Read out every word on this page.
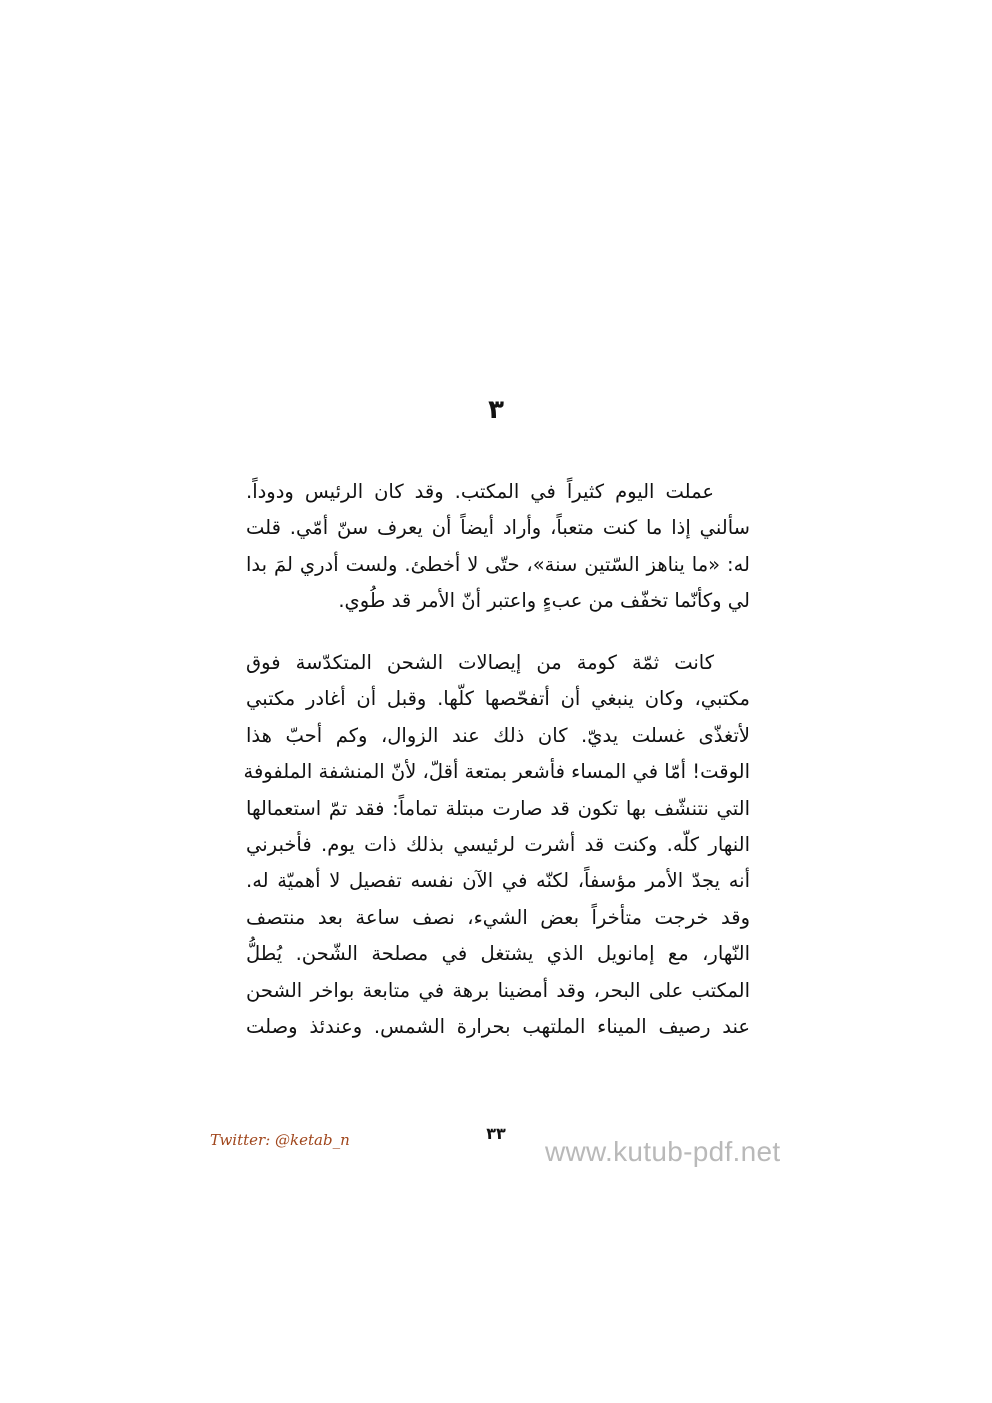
٣
عملت اليوم كثيراً في المكتب. وقد كان الرئيس ودوداً.
سألني إذا ما كنت متعباً، وأراد أيضاً أن يعرف سنّ أمّي. قلت
له: «ما يناهز السّتين سنة»، حتّى لا أخطئ. ولست أدري لمَ بدا
لي وكأنّما تخفّف من عبءٍ واعتبر أنّ الأمر قد طُوي.
كانت ثمّة كومة من إيصالات الشحن المتكدّسة فوق
مكتبي، وكان ينبغي أن أتفحّصها كلّها. وقبل أن أغادر مكتبي
لأتغذّى غسلت يديّ. كان ذلك عند الزوال، وكم أحبّ هذا
الوقت! أمّا في المساء فأشعر بمتعة أقلّ، لأنّ المنشفة الملفوفة
التي نتنشّف بها تكون قد صارت مبتلة تماماً: فقد تمّ استعمالها
النهار كلّه. وكنت قد أشرت لرئيسي بذلك ذات يوم. فأخبرني
أنه يجدّ الأمر مؤسفاً، لكنّه في الآن نفسه تفصيل لا أهميّة له.
وقد خرجت متأخراً بعض الشيء، نصف ساعة بعد منتصف
النّهار، مع إمانويل الذي يشتغل في مصلحة الشّحن. يُطلُّ
المكتب على البحر، وقد أمضينا برهة في متابعة بواخر الشحن
عند رصيف الميناء الملتهب بحرارة الشمس. وعندئذ وصلت
Twitter: @ketab_n	٣٣
www.kutub-pdf.net
